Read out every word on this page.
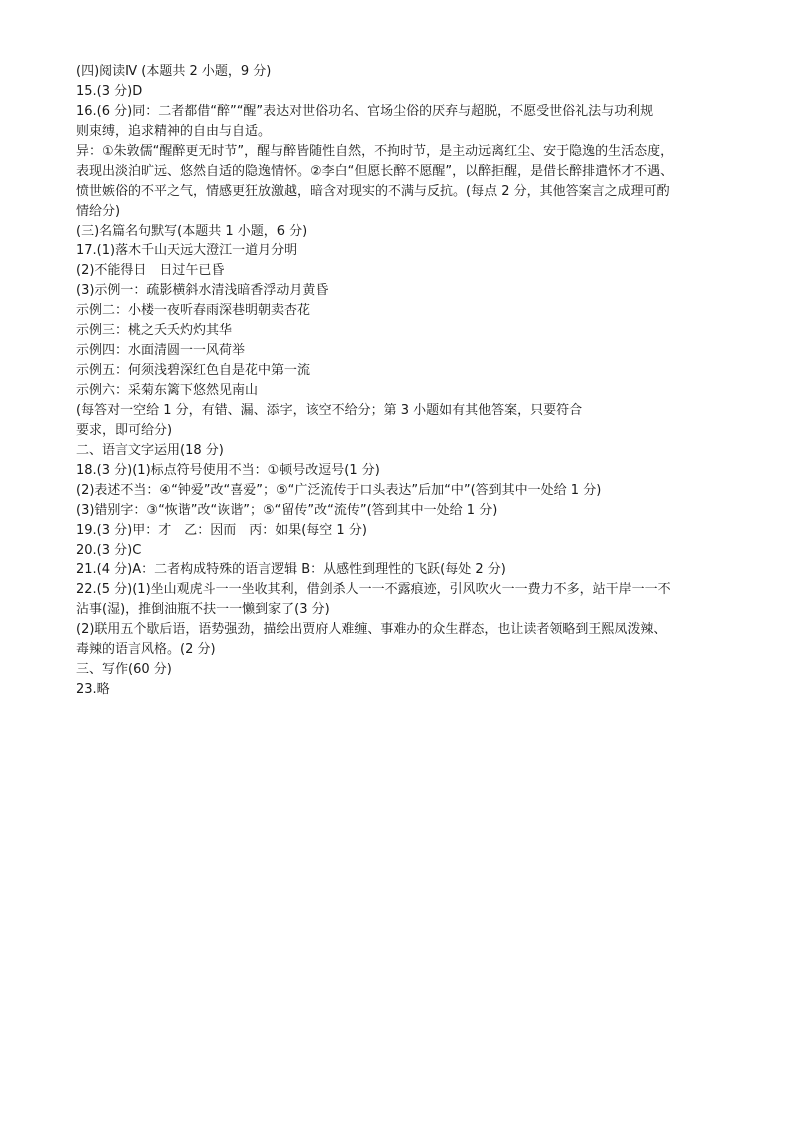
(四)阅读Ⅳ (本题共 2 小题，9 分)
15.(3 分)D
16.(6 分)同：二者都借“醉”“醒”表达对世俗功名、官场尘俗的厌弃与超脱，不愿受世俗礼法与功利规
则束缚，追求精神的自由与自适。
异：①朱敦儒“醒醉更无时节”，醒与醉皆随性自然，不拘时节，是主动远离红尘、安于隐逸的生活态度，
表现出淡泊旷远、悠然自适的隐逸情怀。②李白“但愿长醉不愿醒”，以醉拒醒，是借长醉排遣怀才不遇、
愤世嫉俗的不平之气，情感更狂放激越，暗含对现实的不满与反抗。(每点 2 分，其他答案言之成理可酌
情给分)
(三)名篇名句默写(本题共 1 小题，6 分)
17.(1)落木千山天远大澄江一道月分明
(2)不能得日　日过午已昏
(3)示例一：疏影横斜水清浅暗香浮动月黄昏
示例二：小楼一夜听春雨深巷明朝卖杏花
示例三：桃之夭夭灼灼其华
示例四：水面清圆一一风荷举
示例五：何须浅碧深红色自是花中第一流
示例六：采菊东篱下悠然见南山
(每答对一空给 1 分，有错、漏、添字，该空不给分；第 3 小题如有其他答案，只要符合
要求，即可给分)
二、语言文字运用(18 分)
18.(3 分)(1)标点符号使用不当：①顿号改逗号(1 分)
(2)表述不当：④“钟爱”改“喜爱”；⑤“广泛流传于口头表达”后加“中”(答到其中一处给 1 分)
(3)错别字：③“恢谐”改“诙谐”；⑤“留传”改“流传”(答到其中一处给 1 分)
19.(3 分)甲：才　乙：因而　丙：如果(每空 1 分)
20.(3 分)C
21.(4 分)A：二者构成特殊的语言逻辑 B：从感性到理性的飞跃(每处 2 分)
22.(5 分)(1)坐山观虎斗一一坐收其利，借剑杀人一一不露痕迹，引风吹火一一费力不多，站干岸一一不
沾事(湿)，推倒油瓶不扶一一懒到家了(3 分)
(2)联用五个歇后语，语势强劲，描绘出贾府人难缠、事难办的众生群态，也让读者领略到王熙凤泼辣、
毒辣的语言风格。(2 分)
三、写作(60 分)
23.略
